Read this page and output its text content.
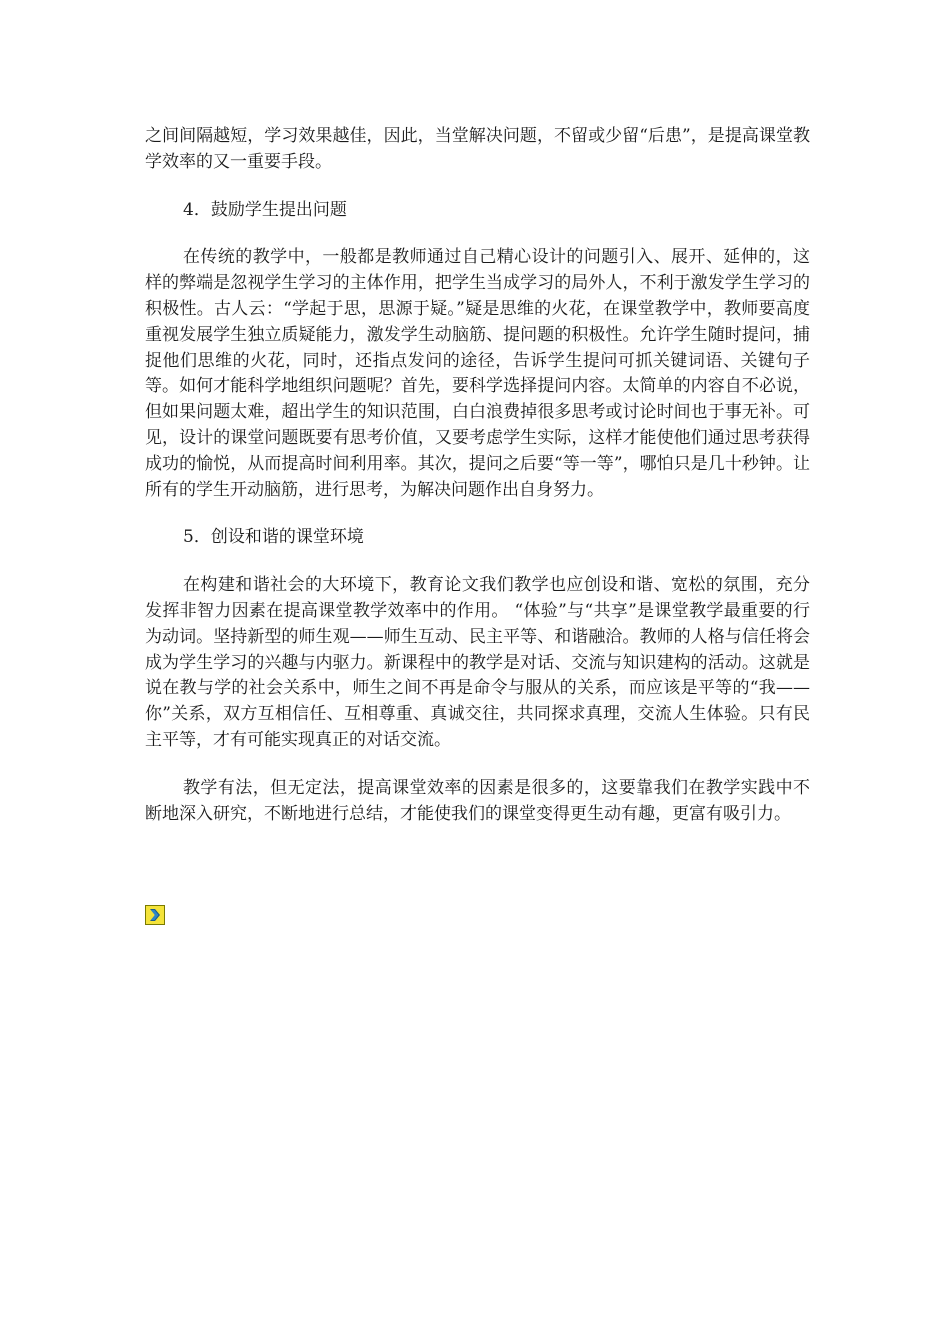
之间间隔越短，学习效果越佳，因此，当堂解决问题，不留或少留“后患”，是提高课堂教学效率的又一重要手段。

4．鼓励学生提出问题

在传统的教学中，一般都是教师通过自己精心设计的问题引入、展开、延伸的，这样的弊端是忽视学生学习的主体作用，把学生当成学习的局外人，不利于激发学生学习的积极性。古人云：“学起于思，思源于疑。”疑是思维的火花，在课堂教学中，教师要高度重视发展学生独立质疑能力，激发学生动脑筋、提问题的积极性。允许学生随时提问，捕捉他们思维的火花，同时，还指点发问的途径，告诉学生提问可抓关键词语、关键句子等。如何才能科学地组织问题呢？首先，要科学选择提问内容。太简单的内容自不必说，但如果问题太难，超出学生的知识范围，白白浪费掉很多思考或讨论时间也于事无补。可见，设计的课堂问题既要有思考价值，又要考虑学生实际，这样才能使他们通过思考获得成功的愉悦，从而提高时间利用率。其次，提问之后要“等一等”，哪怕只是几十秒钟。让所有的学生开动脑筋，进行思考，为解决问题作出自身努力。

5．创设和谐的课堂环境

在构建和谐社会的大环境下，教育论文我们教学也应创设和谐、宽松的氛围，充分发挥非智力因素在提高课堂教学效率中的作用。 “体验”与“共享”是课堂教学最重要的行为动词。坚持新型的师生观——师生互动、民主平等、和谐融洽。教师的人格与信任将会成为学生学习的兴趣与内驱力。新课程中的教学是对话、交流与知识建构的活动。这就是说在教与学的社会关系中，师生之间不再是命令与服从的关系，而应该是平等的“我——你”关系，双方互相信任、互相尊重、真诚交往，共同探求真理，交流人生体验。只有民主平等，才有可能实现真正的对话交流。

教学有法，但无定法，提高课堂效率的因素是很多的，这要靠我们在教学实践中不断地深入研究，不断地进行总结，才能使我们的课堂变得更生动有趣，更富有吸引力。
